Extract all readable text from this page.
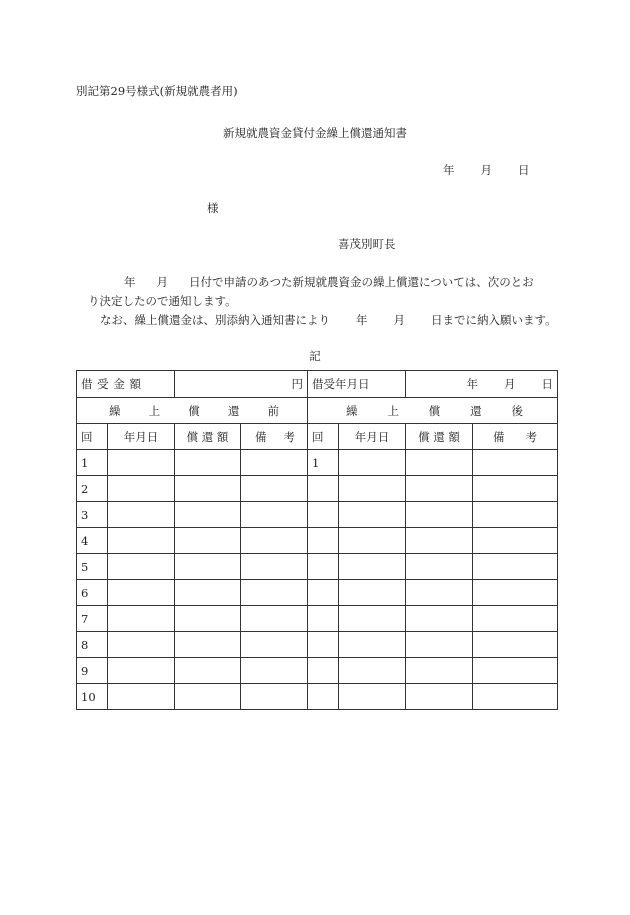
別記第29号様式(新規就農者用)
新規就農資金貸付金繰上償還通知書
年 月 日
様
喜茂別町長
年 月 日付で申請のあつた新規就農資金の繰上償還については、次のとお
り決定したので通知します。
なお、繰上償還金は、別添納入通知書により 年 月 日までに納入願います。
記
借 受 金 額		円		借受年月日		年 月 日	

繰 上 償 還 前				繰 上 償 還 後			

回	年月日	償 還 額	備 考	回	年月日	償 還 額	備 考

1				1			
2							
3							
4							
5							
6							
7							
8							
9							
10							
